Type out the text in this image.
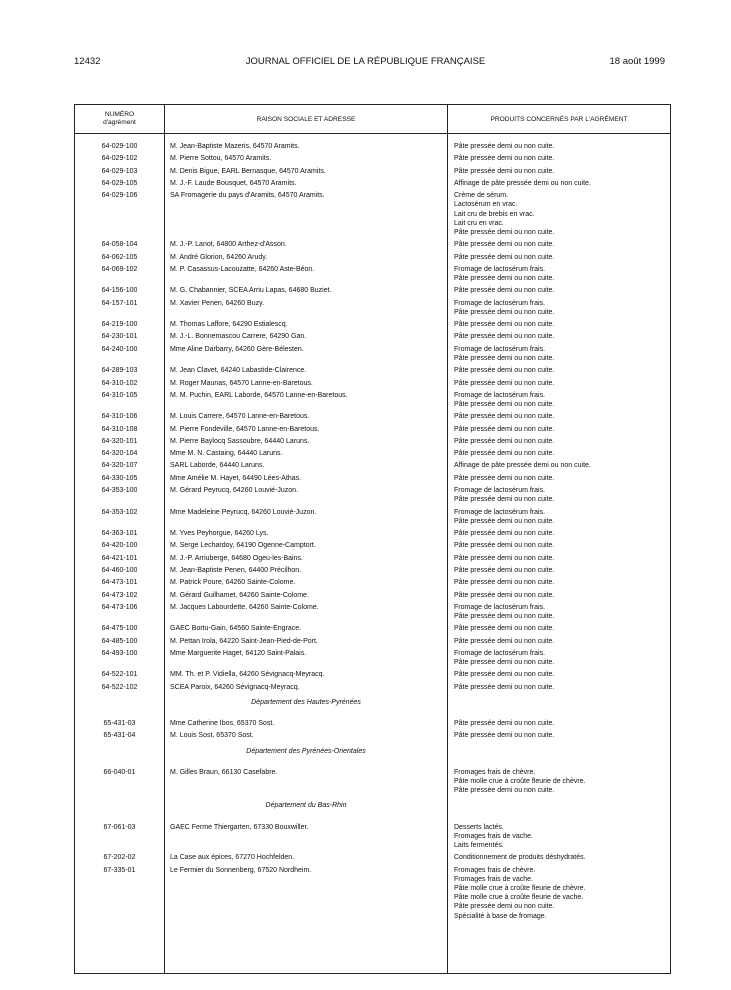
12432	JOURNAL OFFICIEL DE LA RÉPUBLIQUE FRANÇAISE	18 août 1999
NUMÉRO
d'agrément	RAISON SOCIALE ET ADRESSE	PRODUITS CONCERNÉS PAR L'AGRÉMENT
64-029-100	M. Jean-Baptiste Mazeris, 64570 Aramits.	Pâte pressée demi ou non cuite.
64-029-102	M. Pierre Sottou, 64570 Aramits.	Pâte pressée demi ou non cuite.
64-029-103	M. Denis Bigue, EARL Bernasque, 64570 Aramits.	Pâte pressée demi ou non cuite.
64-029-105	M. J.-F. Laude Bousquet, 64570 Aramits.	Affinage de pâte pressée demi ou non cuite.
64-029-106	SA Fromagerie du pays d'Aramits, 64570 Aramits.	Crème de sérum.
Lactosérum en vrac.
Lait cru de brebis en vrac.
Lait cru en vrac.
Pâte pressée demi ou non cuite.
64-058-104	M. J.-P. Lanot, 64800 Arthez-d'Asson.	Pâte pressée demi ou non cuite.
64-062-105	M. André Glorion, 64260 Arudy.	Pâte pressée demi ou non cuite.
64-069-102	M. P. Casassus-Lacouzatte, 64260 Aste-Béon.	Fromage de lactosérum frais.
Pâte pressée demi ou non cuite.
64-156-100	M. G. Chabannier, SCEA Arriu Lapas, 64680 Buziet.	Pâte pressée demi ou non cuite.
64-157-101	M. Xavier Penen, 64260 Buzy.	Fromage de lactosérum frais.
Pâte pressée demi ou non cuite.
64-219-100	M. Thomas Laffore, 64290 Estialescq.	Pâte pressée demi ou non cuite.
64-230-101	M. J.-L. Bonnemascou Carrere, 64290 Gan.	Pâte pressée demi ou non cuite.
64-240-100	Mme Aline Darbarry, 64260 Gère-Bélesten.	Fromage de lactosérum frais.
Pâte pressée demi ou non cuite.
64-289-103	M. Jean Clavet, 64240 Labastide-Clairence.	Pâte pressée demi ou non cuite.
64-310-102	M. Roger Maunas, 64570 Lanne-en-Baretous.	Pâte pressée demi ou non cuite.
64-310-105	M. M. Puchin, EARL Laborde, 64570 Lanne-en-Baretous.	Fromage de lactosérum frais.
Pâte pressée demi ou non cuite.
64-310-106	M. Louis Carrere, 64570 Lanne-en-Baretous.	Pâte pressée demi ou non cuite.
64-310-108	M. Pierre Fondeville, 64570 Lanne-en-Baretous.	Pâte pressée demi ou non cuite.
64-320-101	M. Pierre Baylocq Sassoubre, 64440 Laruns.	Pâte pressée demi ou non cuite.
64-320-104	Mme M. N. Castaing, 64440 Laruns.	Pâte pressée demi ou non cuite.
64-320-107	SARL Laborde, 64440 Laruns.	Affinage de pâte pressée demi ou non cuite.
64-330-105	Mme Amélie M. Hayet, 64490 Lées-Athas.	Pâte pressée demi ou non cuite.
64-353-100	M. Gérard Peyrucq, 64260 Louvié-Juzon.	Fromage de lactosérum frais.
Pâte pressée demi ou non cuite.
64-353-102	Mme Madeleine Peyrucq, 64260 Louvié-Juzon.	Fromage de lactosérum frais.
Pâte pressée demi ou non cuite.
64-363-101	M. Yves Peyhorgue, 64260 Lys.	Pâte pressée demi ou non cuite.
64-420-100	M. Serge Lechardoy, 64190 Ogenne-Camptort.	Pâte pressée demi ou non cuite.
64-421-101	M. J.-P. Arriuberge, 64680 Ogeu-les-Bains.	Pâte pressée demi ou non cuite.
64-460-100	M. Jean-Baptiste Penen, 64400 Précilhon.	Pâte pressée demi ou non cuite.
64-473-101	M. Patrick Poure, 64260 Sainte-Colome.	Pâte pressée demi ou non cuite.
64-473-102	M. Gérard Guilhamet, 64260 Sainte-Colome.	Pâte pressée demi ou non cuite.
64-473-106	M. Jacques Labourdette, 64260 Sainte-Colome.	Fromage de lactosérum frais.
Pâte pressée demi ou non cuite.
64-475-100	GAEC Bortu-Gain, 64560 Sainte-Engrace.	Pâte pressée demi ou non cuite.
64-485-100	M. Pettan Irola, 64220 Saint-Jean-Pied-de-Port.	Pâte pressée demi ou non cuite.
64-493-100	Mme Marguerite Haget, 64120 Saint-Palais.	Fromage de lactosérum frais.
Pâte pressée demi ou non cuite.
64-522-101	MM. Th. et P. Vidiella, 64260 Sévignacq-Meyracq.	Pâte pressée demi ou non cuite.
64-522-102	SCEA Paroix, 64260 Sévignacq-Meyracq.	Pâte pressée demi ou non cuite.
Département des Hautes-Pyrénées
65-431-03	Mme Catherine Ibos, 65370 Sost.	Pâte pressée demi ou non cuite.
65-431-04	M. Louis Sost, 65370 Sost.	Pâte pressée demi ou non cuite.
Département des Pyrénées-Orientales
66-040-01	M. Gilles Braun, 66130 Casefabre.	Fromages frais de chèvre.
Pâte molle crue à croûte fleurie de chèvre.
Pâte pressée demi ou non cuite.
Département du Bas-Rhin
67-061-03	GAEC Ferme Thiergarten, 67330 Bouxwiller.	Desserts lactés.
Fromages frais de vache.
Laits fermentés.
67-202-02	La Case aux épices, 67270 Hochfelden.	Conditionnement de produits déshydratés.
67-335-01	Le Fermier du Sonnenberg, 67520 Nordheim.	Fromages frais de chèvre.
Fromages frais de vache.
Pâte molle crue à croûte fleurie de chèvre.
Pâte molle crue à croûte fleurie de vache.
Pâte pressée demi ou non cuite.
Spécialité à base de fromage.
